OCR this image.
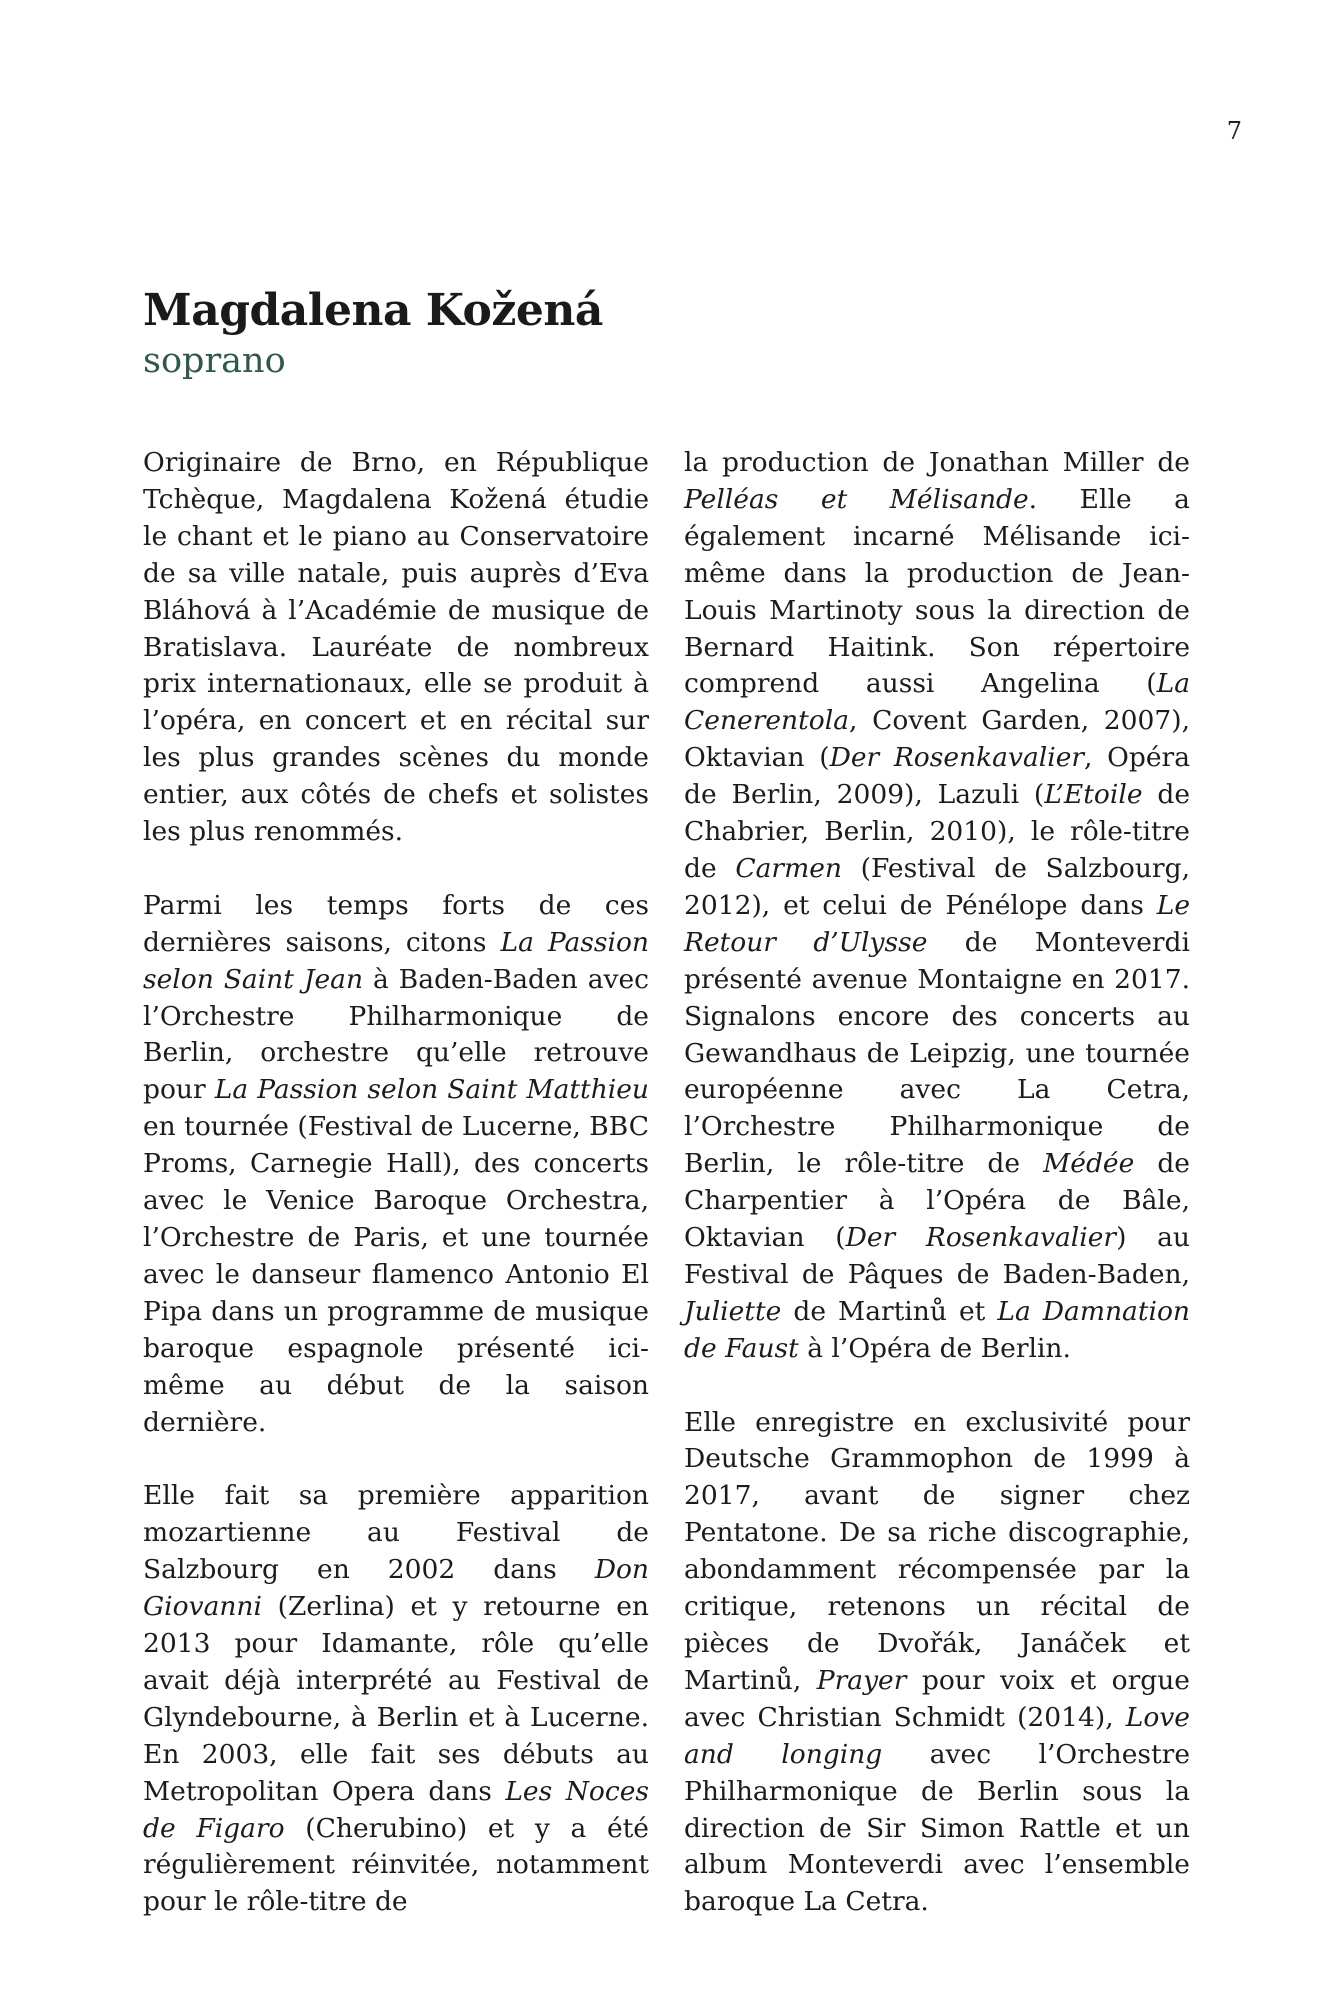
7
Magdalena Kožená

soprano

Originaire de Brno, en République Tchèque, Magdalena Kožená étudie le chant et le piano au Conservatoire de sa ville natale, puis auprès d’Eva Bláhová à l’Académie de musique de Bratislava. Lauréate de nombreux prix internationaux, elle se produit à l’opéra, en concert et en récital sur les plus grandes scènes du monde entier, aux côtés de chefs et solistes les plus renommés.

Parmi les temps forts de ces dernières saisons, citons La Passion selon Saint Jean à Baden-Baden avec l’Orchestre Philharmonique de Berlin, orchestre qu’elle retrouve pour La Passion selon Saint Matthieu en tournée (Festival de Lucerne, BBC Proms, Carnegie Hall), des concerts avec le Venice Baroque Orchestra, l’Orchestre de Paris, et une tournée avec le danseur flamenco Antonio El Pipa dans un programme de musique baroque espagnole présenté ici-même au début de la saison dernière.

Elle fait sa première apparition mozartienne au Festival de Salzbourg en 2002 dans Don Giovanni (Zerlina) et y retourne en 2013 pour Idamante, rôle qu’elle avait déjà interprété au Festival de Glyndebourne, à Berlin et à Lucerne. En 2003, elle fait ses débuts au Metropolitan Opera dans Les Noces de Figaro (Cherubino) et y a été régulièrement réinvitée, notamment pour le rôle-titre de

la production de Jonathan Miller de Pelléas et Mélisande. Elle a également incarné Mélisande ici-même dans la production de Jean-Louis Martinoty sous la direction de Bernard Haitink. Son répertoire comprend aussi Angelina (La Cenerentola, Covent Garden, 2007), Oktavian (Der Rosenkavalier, Opéra de Berlin, 2009), Lazuli (L’Etoile de Chabrier, Berlin, 2010), le rôle-titre de Carmen (Festival de Salzbourg, 2012), et celui de Pénélope dans Le Retour d’Ulysse de Monteverdi présenté avenue Montaigne en 2017. Signalons encore des concerts au Gewandhaus de Leipzig, une tournée européenne avec La Cetra, l’Orchestre Philharmonique de Berlin, le rôle-titre de Médée de Charpentier à l’Opéra de Bâle, Oktavian (Der Rosenkavalier) au Festival de Pâques de Baden-Baden, Juliette de Martinů et La Damnation de Faust à l’Opéra de Berlin.

Elle enregistre en exclusivité pour Deutsche Grammophon de 1999 à 2017, avant de signer chez Pentatone. De sa riche discographie, abondamment récompensée par la critique, retenons un récital de pièces de Dvořák, Janáček et Martinů, Prayer pour voix et orgue avec Christian Schmidt (2014), Love and longing avec l’Orchestre Philharmonique de Berlin sous la direction de Sir Simon Rattle et un album Monteverdi avec l’ensemble baroque La Cetra.
